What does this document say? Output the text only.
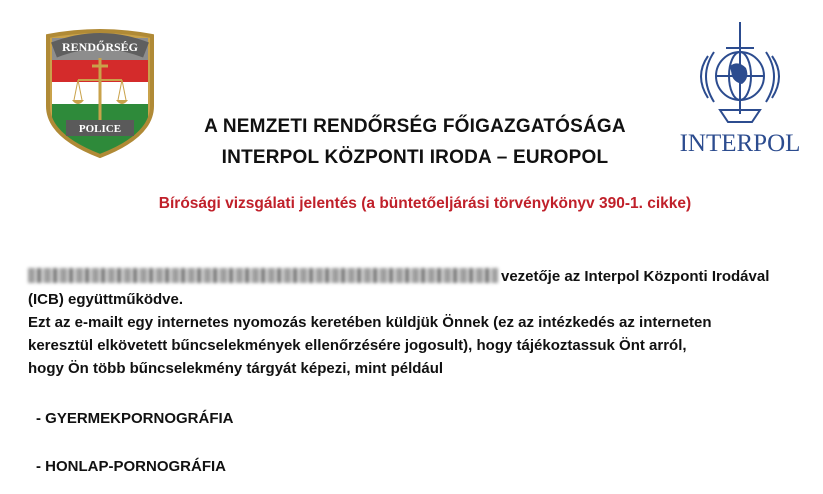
RENDŐRSÉG
POLICE
INTERPOL
A NEMZETI RENDŐRSÉG FŐIGAZGATÓSÁGA
INTERPOL KÖZPONTI IRODA – EUROPOL
Bírósági vizsgálati jelentés (a büntetőeljárási törvénykönyv 390-1. cikke)
vezetője az Interpol Központi Irodával
(ICB) együttműködve.
Ezt az e-mailt egy internetes nyomozás keretében küldjük Önnek (ez az intézkedés az interneten
keresztül elkövetett bűncselekmények ellenőrzésére jogosult), hogy tájékoztassuk Önt arról,
hogy Ön több bűncselekmény tárgyát képezi, mint például
- GYERMEKPORNOGRÁFIA
- HONLAP-PORNOGRÁFIA
